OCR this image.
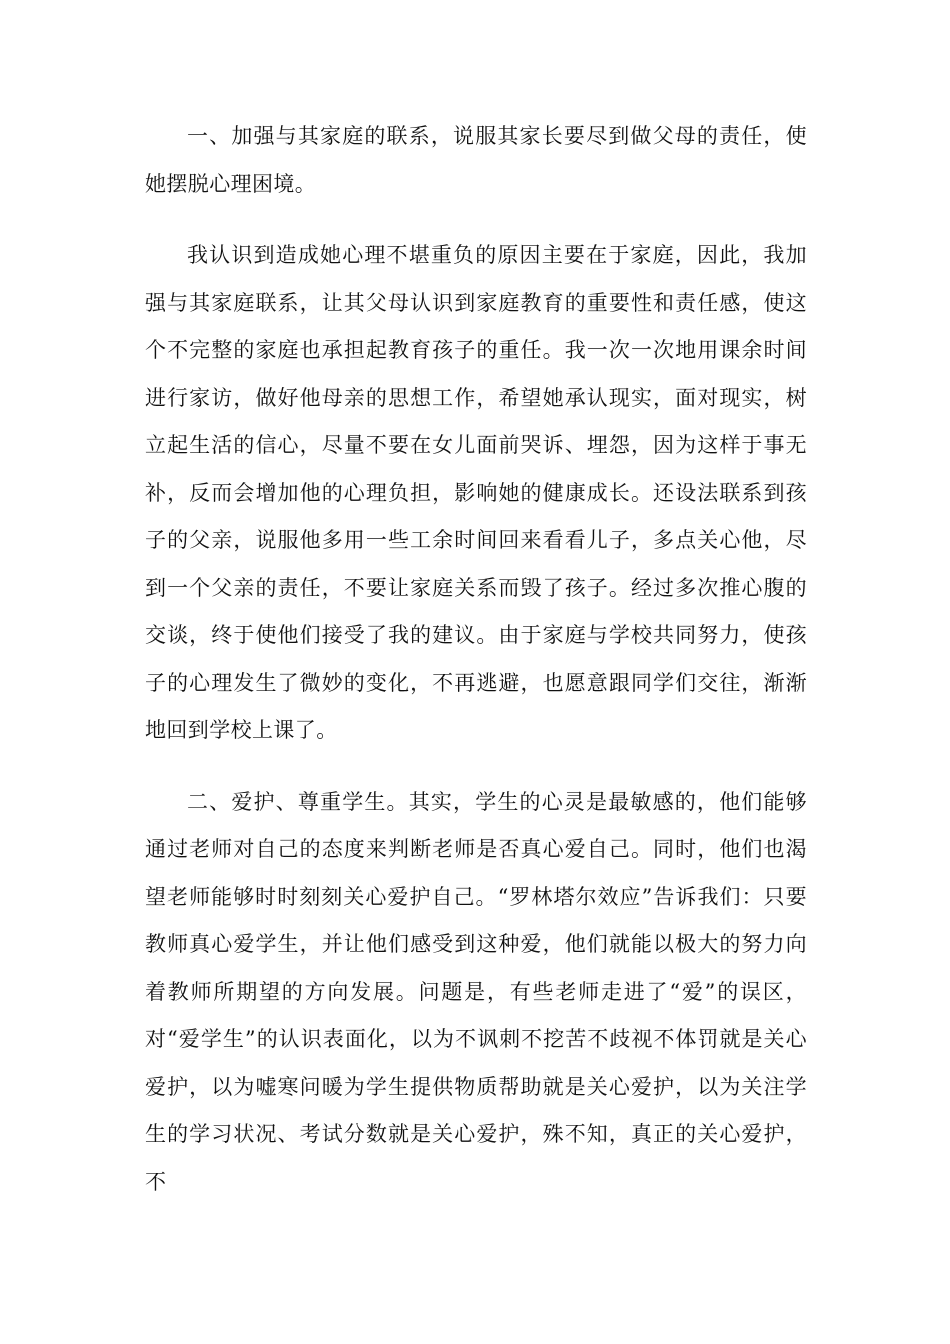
一、加强与其家庭的联系，说服其家长要尽到做父母的责任，使她摆脱心理困境。

我认识到造成她心理不堪重负的原因主要在于家庭，因此，我加强与其家庭联系，让其父母认识到家庭教育的重要性和责任感，使这个不完整的家庭也承担起教育孩子的重任。我一次一次地用课余时间进行家访，做好他母亲的思想工作，希望她承认现实，面对现实，树立起生活的信心，尽量不要在女儿面前哭诉、埋怨，因为这样于事无补，反而会增加他的心理负担，影响她的健康成长。还设法联系到孩子的父亲，说服他多用一些工余时间回来看看儿子，多点关心他，尽到一个父亲的责任，不要让家庭关系而毁了孩子。经过多次推心腹的交谈，终于使他们接受了我的建议。由于家庭与学校共同努力，使孩子的心理发生了微妙的变化，不再逃避，也愿意跟同学们交往，渐渐地回到学校上课了。

二、爱护、尊重学生。其实，学生的心灵是最敏感的，他们能够通过老师对自己的态度来判断老师是否真心爱自己。同时，他们也渴望老师能够时时刻刻关心爱护自己。“罗林塔尔效应”告诉我们：只要教师真心爱学生，并让他们感受到这种爱，他们就能以极大的努力向着教师所期望的方向发展。问题是，有些老师走进了“爱”的误区，对“爱学生”的认识表面化，以为不讽刺不挖苦不歧视不体罚就是关心爱护，以为嘘寒问暖为学生提供物质帮助就是关心爱护，以为关注学生的学习状况、考试分数就是关心爱护，殊不知，真正的关心爱护，不
